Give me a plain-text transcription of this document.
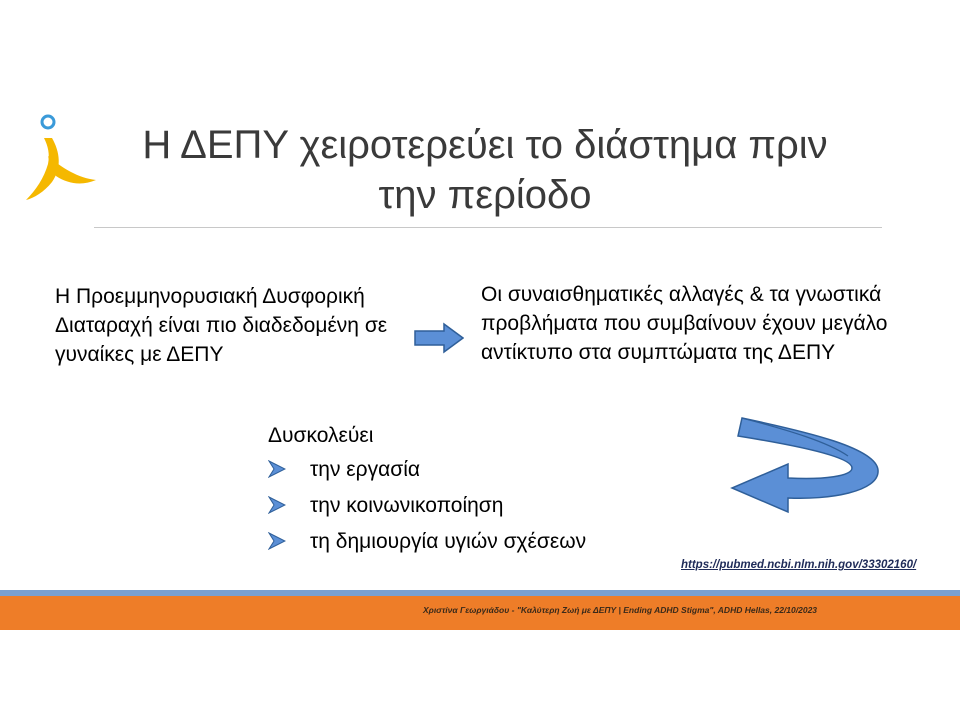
Η ΔΕΠΥ χειροτερεύει το διάστημα πριν
την περίοδο

Η Προεμμηνορυσιακή Δυσφορική Διαταραχή είναι πιο διαδεδομένη σε γυναίκες με ΔΕΠΥ

Οι συναισθηματικές αλλαγές & τα γνωστικά προβλήματα που συμβαίνουν έχουν μεγάλο αντίκτυπο στα συμπτώματα της ΔΕΠΥ

Δυσκολεύει

την εργασία
την κοινωνικοποίηση
τη δημιουργία υγιών σχέσεων
https://pubmed.ncbi.nlm.nih.gov/33302160/
Χριστίνα Γεωργιάδου - "Καλύτερη Ζωή με ΔΕΠΥ | Ending ADHD Stigma", ADHD Hellas, 22/10/2023
